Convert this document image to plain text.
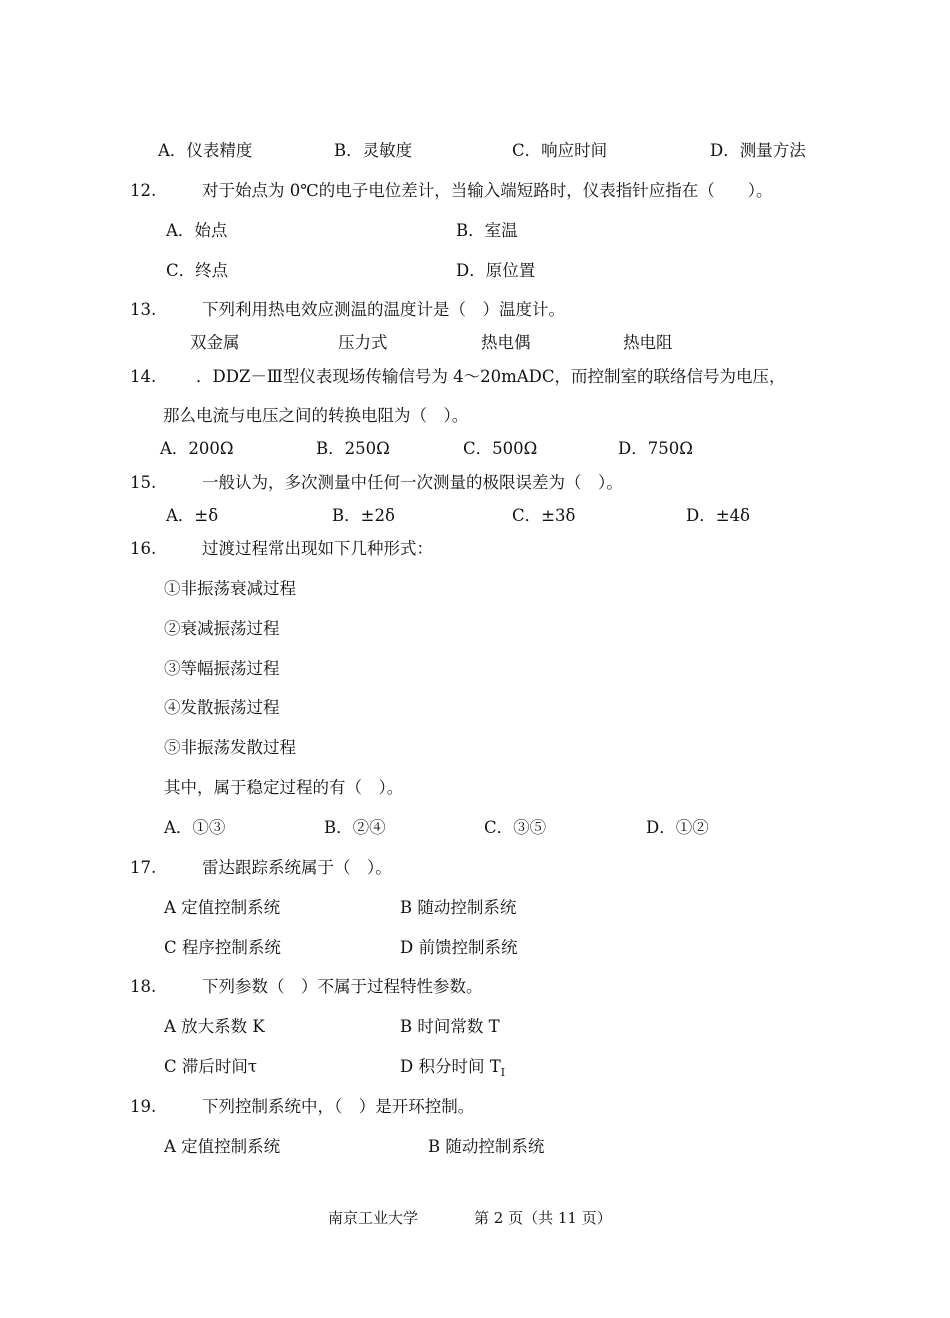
A．仪表精度	B．灵敏度	C．响应时间	D．测量方法
12.	对于始点为 0℃的电子电位差计，当输入端短路时，仪表指针应指在（　　）。
A．始点	B．室温
C．终点	D．原位置
13.	下列利用热电效应测温的温度计是（　）温度计。
双金属	压力式	热电偶	热电阻
14. ．DDZ－Ⅲ型仪表现场传输信号为 4～20mADC，而控制室的联络信号为电压，
那么电流与电压之间的转换电阻为（　）。
A．200Ω	B．250Ω	C．500Ω	D．750Ω
15.	一般认为，多次测量中任何一次测量的极限误差为（　）。
A．±δ	B．±2δ	C．±3δ	D．±4δ
16.	过渡过程常出现如下几种形式：
①非振荡衰减过程
②衰减振荡过程
③等幅振荡过程
④发散振荡过程
⑤非振荡发散过程
其中，属于稳定过程的有（　）。
A．①③	B．②④	C．③⑤	D．①②
17.	雷达跟踪系统属于（　）。
A 定值控制系统	B 随动控制系统
C 程序控制系统	D 前馈控制系统
18.	下列参数（　）不属于过程特性参数。
A 放大系数 K	B 时间常数 T
C 滞后时间τ	D 积分时间 $T_I$
19.	下列控制系统中，（　）是开环控制。
A 定值控制系统	B 随动控制系统
南京工业大学	第 2 页（共 11 页）
